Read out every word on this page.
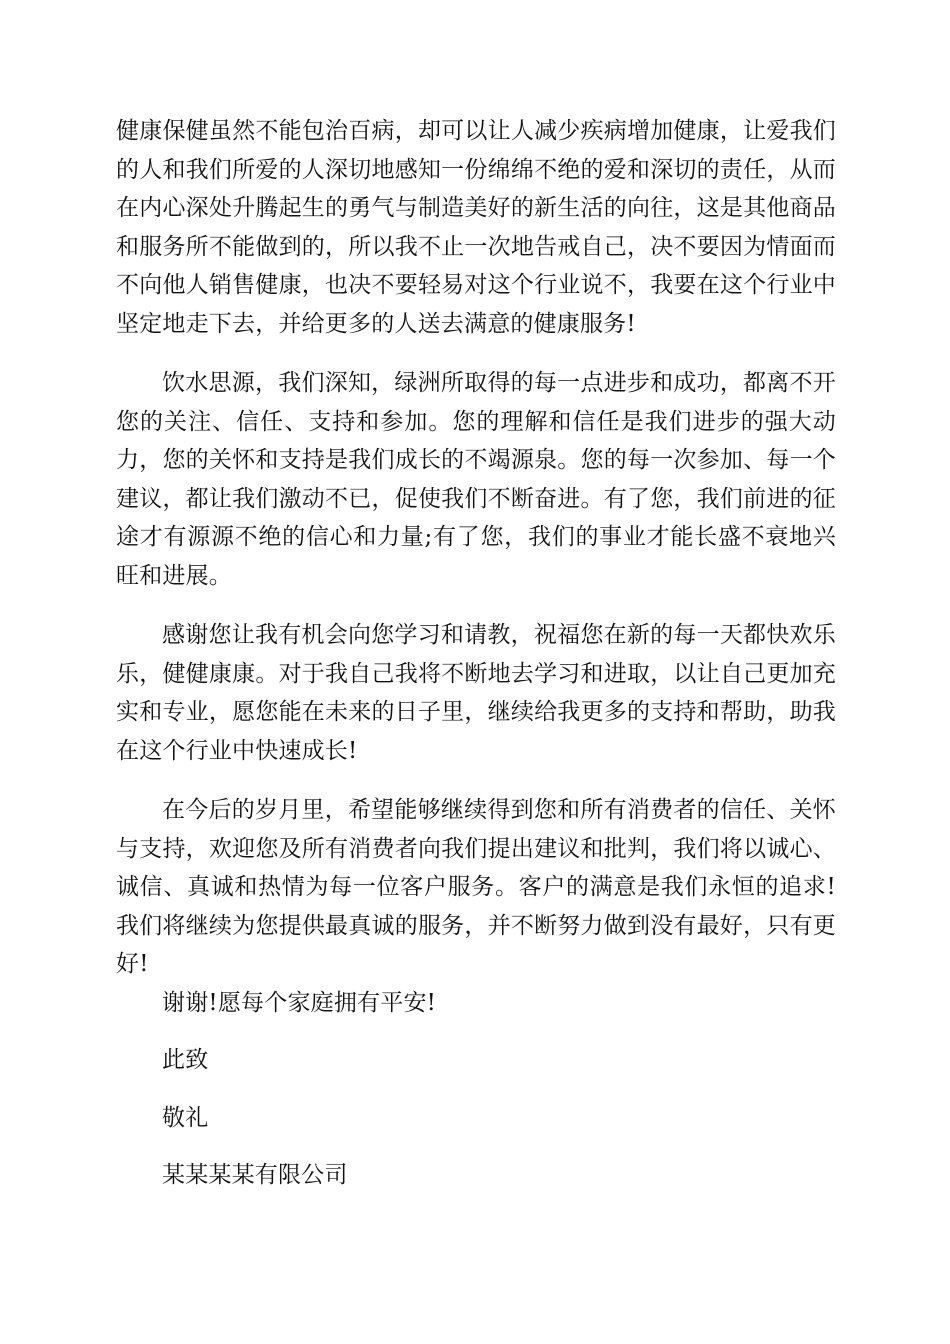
健康保健虽然不能包治百病，却可以让人减少疾病增加健康，让爱我们的人和我们所爱的人深切地感知一份绵绵不绝的爱和深切的责任，从而在内心深处升腾起生的勇气与制造美好的新生活的向往，这是其他商品和服务所不能做到的，所以我不止一次地告戒自己，决不要因为情面而不向他人销售健康，也决不要轻易对这个行业说不，我要在这个行业中坚定地走下去，并给更多的人送去满意的健康服务!

饮水思源，我们深知，绿洲所取得的每一点进步和成功，都离不开您的关注、信任、支持和参加。您的理解和信任是我们进步的强大动力，您的关怀和支持是我们成长的不竭源泉。您的每一次参加、每一个建议，都让我们激动不已，促使我们不断奋进。有了您，我们前进的征途才有源源不绝的信心和力量;有了您，我们的事业才能长盛不衰地兴旺和进展。

感谢您让我有机会向您学习和请教，祝福您在新的每一天都快欢乐乐，健健康康。对于我自己我将不断地去学习和进取，以让自己更加充实和专业，愿您能在未来的日子里，继续给我更多的支持和帮助，助我在这个行业中快速成长!

在今后的岁月里，希望能够继续得到您和所有消费者的信任、关怀与支持，欢迎您及所有消费者向我们提出建议和批判，我们将以诚心、诚信、真诚和热情为每一位客户服务。客户的满意是我们永恒的追求!我们将继续为您提供最真诚的服务，并不断努力做到没有最好，只有更好!

谢谢!愿每个家庭拥有平安!

此致

敬礼

某某某某有限公司
